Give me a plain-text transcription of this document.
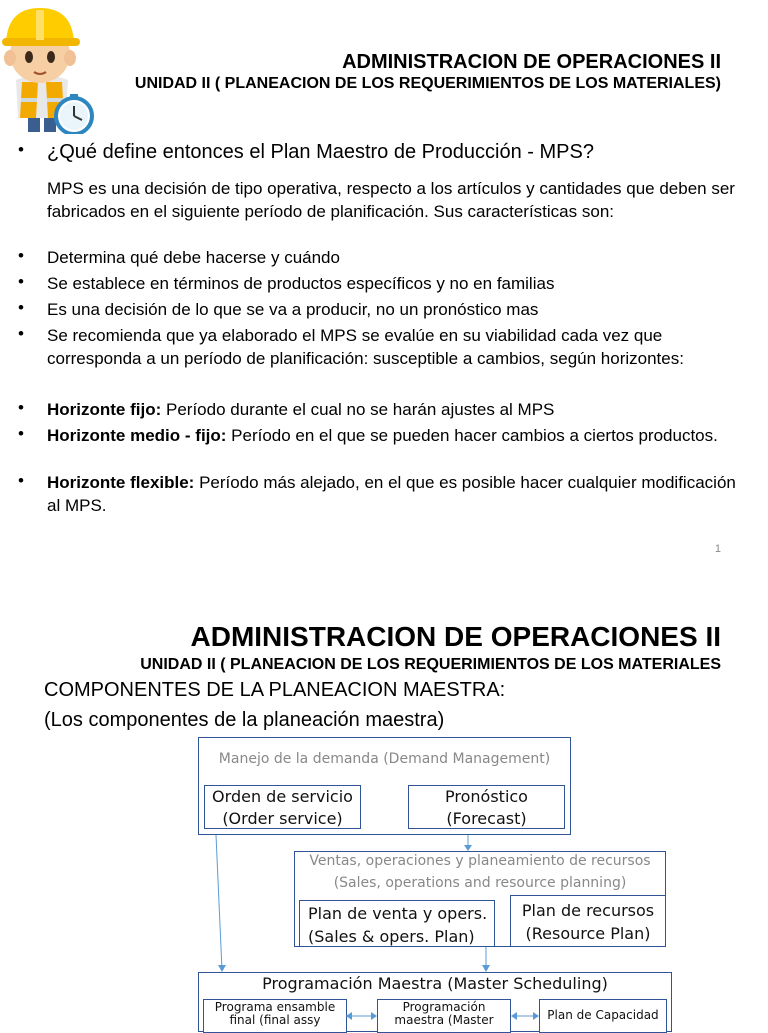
ADMINISTRACION DE OPERACIONES II
UNIDAD II ( PLANEACION DE LOS REQUERIMIENTOS DE LOS MATERIALES)
• ¿Qué define entonces el Plan Maestro de Producción - MPS?
MPS es una decisión de tipo operativa, respecto a los artículos y cantidades que deben ser fabricados en el siguiente período de planificación. Sus características son:
• Determina qué debe hacerse y cuándo
• Se establece en términos de productos específicos y no en familias
• Es una decisión de lo que se va a producir, no un pronóstico mas
• Se recomienda que ya elaborado el MPS se evalúe en su viabilidad cada vez que corresponda a un período de planificación: susceptible a cambios, según horizontes:
• Horizonte fijo: Período durante el cual no se harán ajustes al MPS
• Horizonte medio - fijo: Período en el que se pueden hacer cambios a ciertos productos.
• Horizonte flexible: Período más alejado, en el que es posible hacer cualquier modificación al MPS.
1
ADMINISTRACION DE OPERACIONES II
UNIDAD II ( PLANEACION DE LOS REQUERIMIENTOS DE LOS MATERIALES
COMPONENTES DE LA PLANEACION MAESTRA:
(Los componentes de la planeación maestra)
Manejo de la demanda (Demand Management)
Orden de servicio
(Order service)
Pronóstico
(Forecast)
Ventas, operaciones y planeamiento de recursos
(Sales, operations and resource planning)
Plan de venta y opers.
(Sales & opers. Plan)
Plan de recursos
(Resource Plan)
Programación Maestra (Master Scheduling)
Programa ensamble
final (final assy
Programación
maestra (Master	Plan de Capacidad
